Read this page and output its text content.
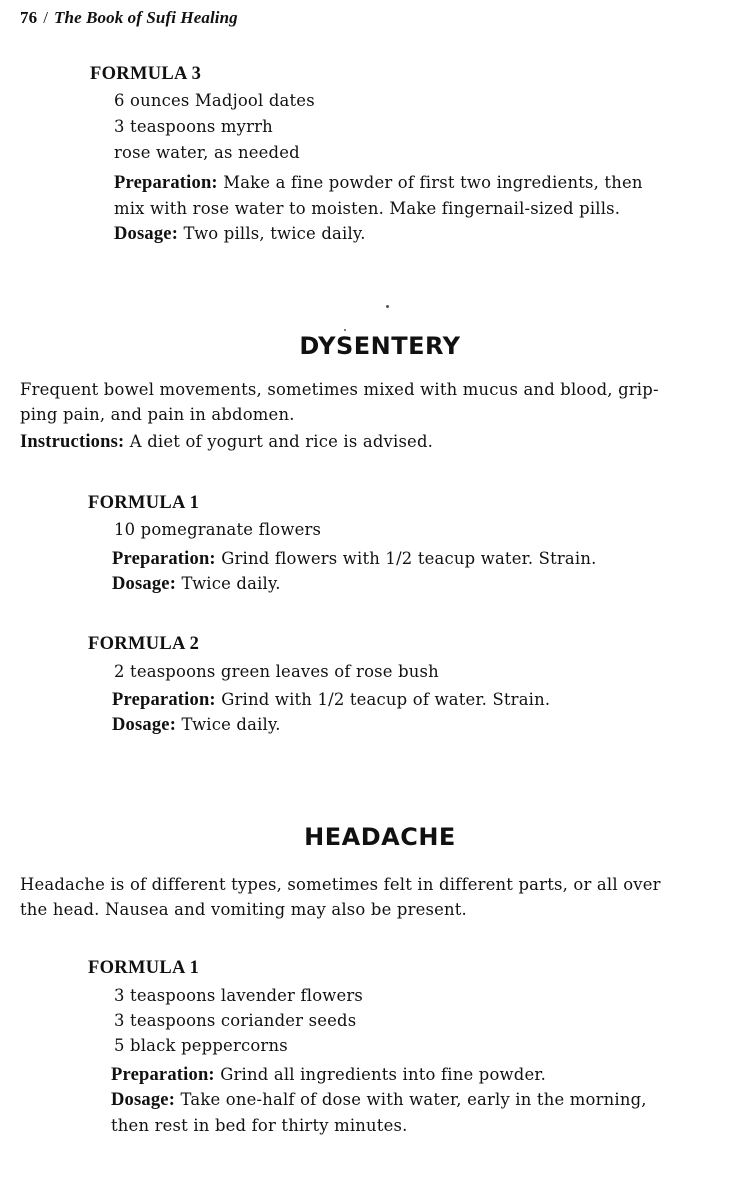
76 / The Book of Sufi Healing
FORMULA 3
6 ounces Madjool dates
3 teaspoons myrrh
rose water, as needed
Preparation: Make a fine powder of first two ingredients, then
mix with rose water to moisten. Make fingernail-sized pills.
Dosage: Two pills, twice daily.
DYSENTERY
Frequent bowel movements, sometimes mixed with mucus and blood, grip-
ping pain, and pain in abdomen.
Instructions: A diet of yogurt and rice is advised.
FORMULA 1
10 pomegranate flowers
Preparation: Grind flowers with 1/2 teacup water. Strain.
Dosage: Twice daily.
FORMULA 2
2 teaspoons green leaves of rose bush
Preparation: Grind with 1/2 teacup of water. Strain.
Dosage: Twice daily.
HEADACHE
Headache is of different types, sometimes felt in different parts, or all over
the head. Nausea and vomiting may also be present.
FORMULA 1
3 teaspoons lavender flowers
3 teaspoons coriander seeds
5 black peppercorns
Preparation: Grind all ingredients into fine powder.
Dosage: Take one-half of dose with water, early in the morning,
then rest in bed for thirty minutes.
